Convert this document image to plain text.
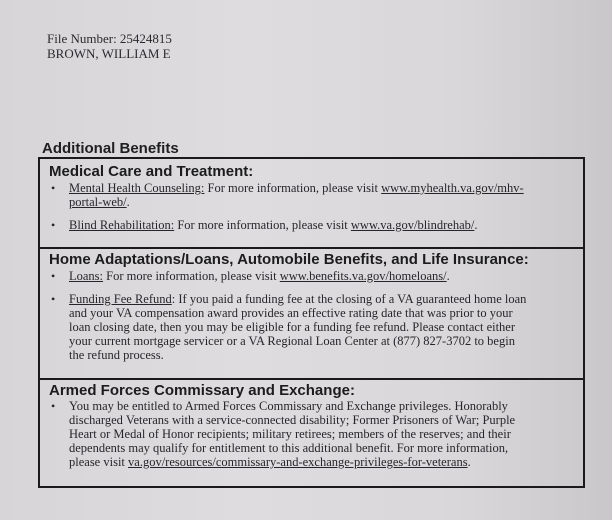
File Number: 25424815
BROWN, WILLIAM E
Additional Benefits
Medical Care and Treatment:
• Mental Health Counseling: For more information, please visit www.myhealth.va.gov/mhv-
portal-web/.
• Blind Rehabilitation: For more information, please visit www.va.gov/blindrehab/.
Home Adaptations/Loans, Automobile Benefits, and Life Insurance:
• Loans: For more information, please visit www.benefits.va.gov/homeloans/.
• Funding Fee Refund: If you paid a funding fee at the closing of a VA guaranteed home loan
and your VA compensation award provides an effective rating date that was prior to your
loan closing date, then you may be eligible for a funding fee refund. Please contact either
your current mortgage servicer or a VA Regional Loan Center at (877) 827-3702 to begin
the refund process.
Armed Forces Commissary and Exchange:
• You may be entitled to Armed Forces Commissary and Exchange privileges. Honorably
discharged Veterans with a service-connected disability; Former Prisoners of War; Purple
Heart or Medal of Honor recipients; military retirees; members of the reserves; and their
dependents may qualify for entitlement to this additional benefit. For more information,
please visit va.gov/resources/commissary-and-exchange-privileges-for-veterans.
